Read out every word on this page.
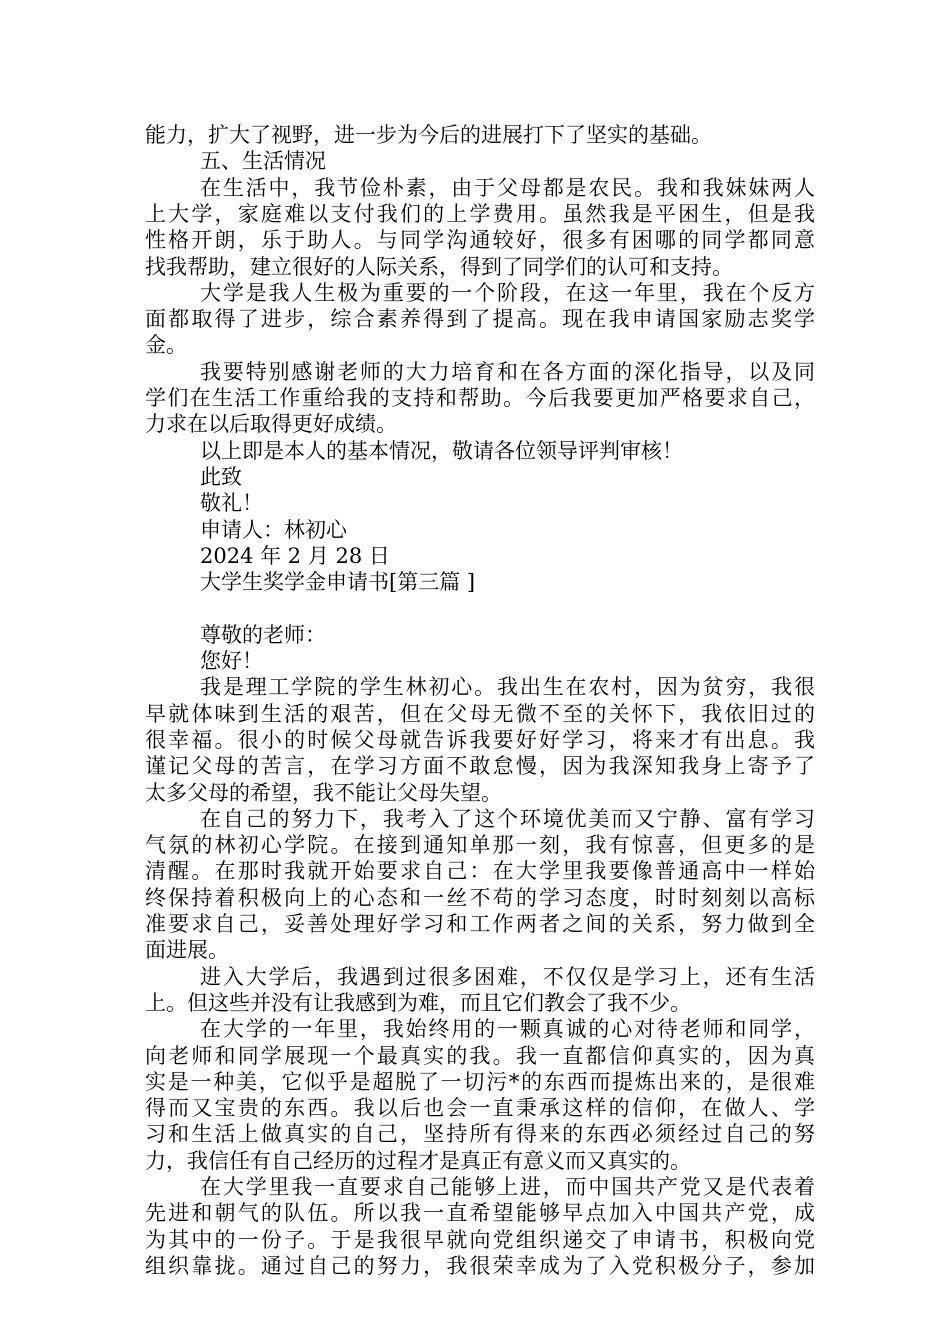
能力，扩大了视野，进一步为今后的进展打下了坚实的基础。
五、生活情况
在生活中，我节俭朴素，由于父母都是农民。我和我妹妹两人
上大学，家庭难以支付我们的上学费用。虽然我是平困生，但是我
性格开朗，乐于助人。与同学沟通较好，很多有困哪的同学都同意
找我帮助，建立很好的人际关系，得到了同学们的认可和支持。
大学是我人生极为重要的一个阶段，在这一年里，我在个反方
面都取得了进步，综合素养得到了提高。现在我申请国家励志奖学
金。
我要特别感谢老师的大力培育和在各方面的深化指导，以及同
学们在生活工作重给我的支持和帮助。今后我要更加严格要求自己，
力求在以后取得更好成绩。
以上即是本人的基本情况，敬请各位领导评判审核！
此致
敬礼！
申请人：林初心
2024 年 2 月 28 日
大学生奖学金申请书[第三篇 ]
尊敬的老师：
您好！
我是理工学院的学生林初心。我出生在农村，因为贫穷，我很
早就体味到生活的艰苦，但在父母无微不至的关怀下，我依旧过的
很幸福。很小的时候父母就告诉我要好好学习，将来才有出息。我
谨记父母的苦言，在学习方面不敢怠慢，因为我深知我身上寄予了
太多父母的希望，我不能让父母失望。
在自己的努力下，我考入了这个环境优美而又宁静、富有学习
气氛的林初心学院。在接到通知单那一刻，我有惊喜，但更多的是
清醒。在那时我就开始要求自己：在大学里我要像普通高中一样始
终保持着积极向上的心态和一丝不苟的学习态度，时时刻刻以高标
准要求自己，妥善处理好学习和工作两者之间的关系，努力做到全
面进展。
进入大学后，我遇到过很多困难，不仅仅是学习上，还有生活
上。但这些并没有让我感到为难，而且它们教会了我不少。
在大学的一年里，我始终用的一颗真诚的心对待老师和同学，
向老师和同学展现一个最真实的我。我一直都信仰真实的，因为真
实是一种美，它似乎是超脱了一切污*的东西而提炼出来的，是很难
得而又宝贵的东西。我以后也会一直秉承这样的信仰，在做人、学
习和生活上做真实的自己，坚持所有得来的东西必须经过自己的努
力，我信任有自己经历的过程才是真正有意义而又真实的。
在大学里我一直要求自己能够上进，而中国共产党又是代表着
先进和朝气的队伍。所以我一直希望能够早点加入中国共产党，成
为其中的一份子。于是我很早就向党组织递交了申请书，积极向党
组织靠拢。通过自己的努力，我很荣幸成为了入党积极分子，参加
